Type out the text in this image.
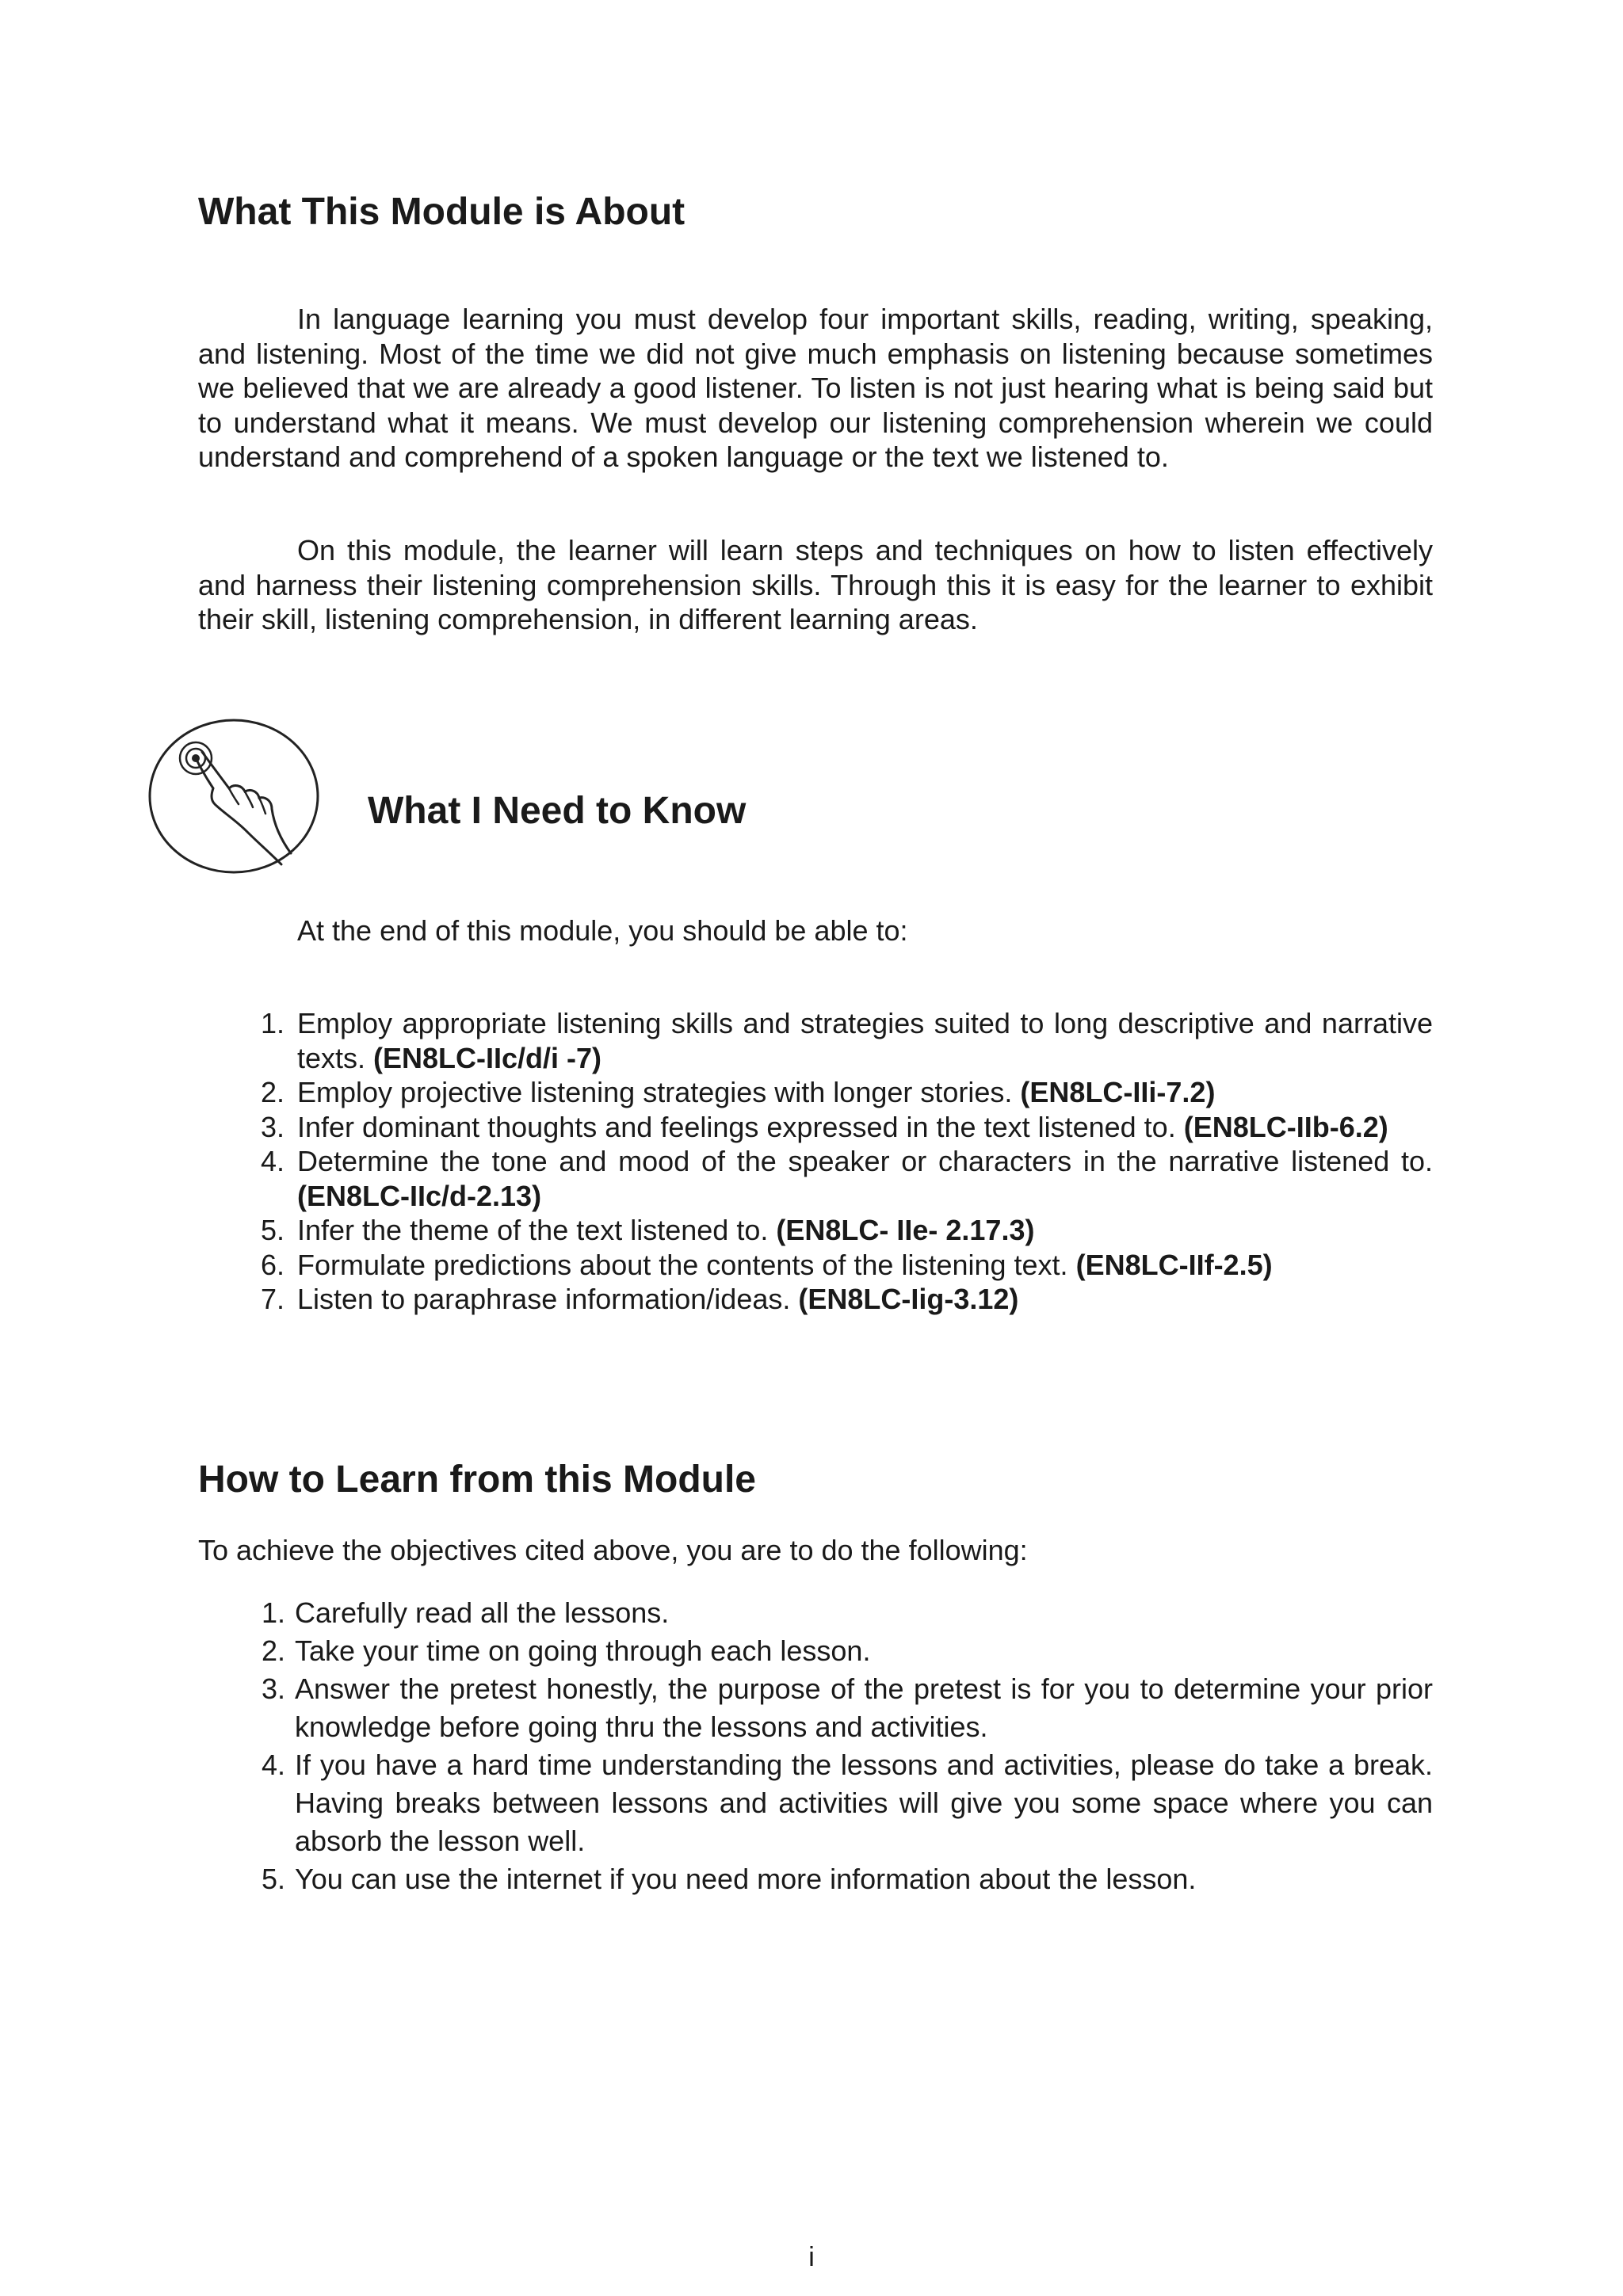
What This Module is About

In language learning you must develop four important skills, reading, writing, speaking, and listening. Most of the time we did not give much emphasis on listening because sometimes we believed that we are already a good listener. To listen is not just hearing what is being said but to understand what it means. We must develop our listening comprehension wherein we could understand and comprehend of a spoken language or the text we listened to.

On this module, the learner will learn steps and techniques on how to listen effectively and harness their listening comprehension skills. Through this it is easy for the learner to exhibit their skill, listening comprehension, in different learning areas.

What I Need to Know

At the end of this module, you should be able to:

1. Employ appropriate listening skills and strategies suited to long descriptive and narrative texts. (EN8LC-IIc/d/i -7)
2. Employ projective listening strategies with longer stories. (EN8LC-IIi-7.2)
3. Infer dominant thoughts and feelings expressed in the text listened to. (EN8LC-IIb-6.2)
4. Determine the tone and mood of the speaker or characters in the narrative listened to. (EN8LC-IIc/d-2.13)
5. Infer the theme of the text listened to. (EN8LC- IIe- 2.17.3)
6. Formulate predictions about the contents of the listening text. (EN8LC-IIf-2.5)
7. Listen to paraphrase information/ideas. (EN8LC-Iig-3.12)
How to Learn from this Module

To achieve the objectives cited above, you are to do the following:

1. Carefully read all the lessons.
2. Take your time on going through each lesson.
3. Answer the pretest honestly, the purpose of the pretest is for you to determine your prior knowledge before going thru the lessons and activities.
4. If you have a hard time understanding the lessons and activities, please do take a break. Having breaks between lessons and activities will give you some space where you can absorb the lesson well.
5. You can use the internet if you need more information about the lesson.
i
